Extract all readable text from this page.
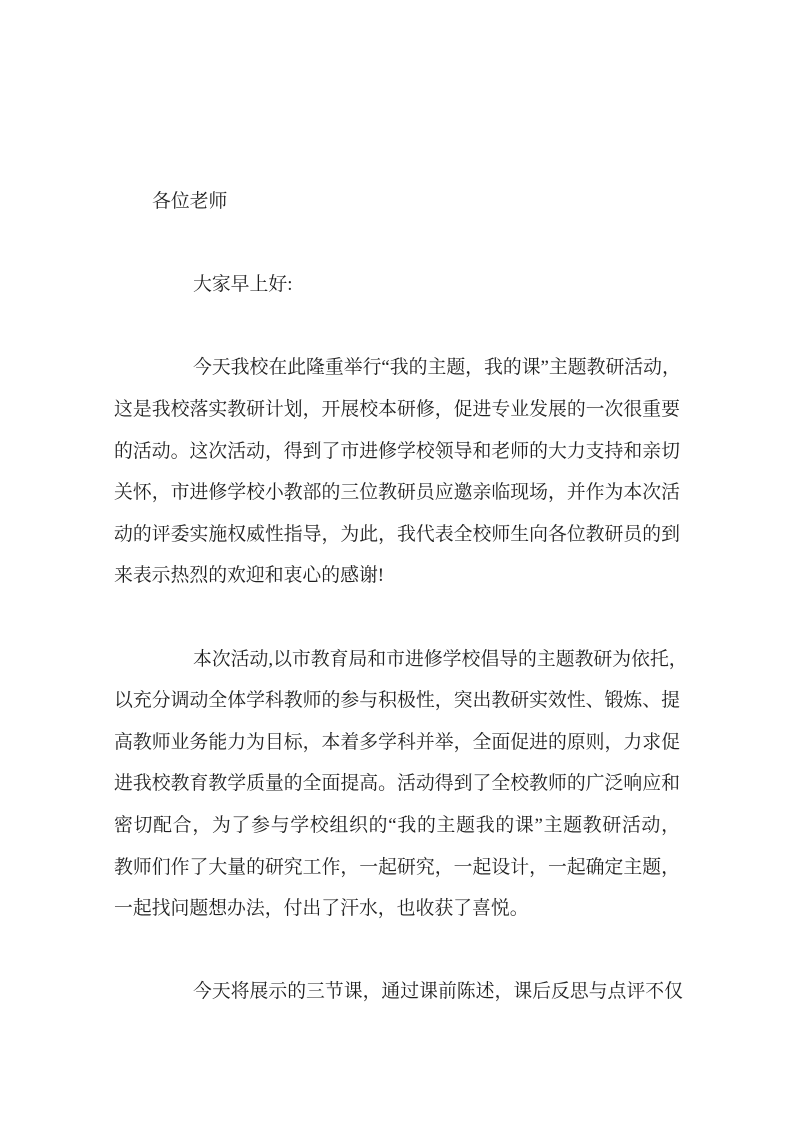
各位老师
大家早上好:
今天我校在此隆重举行“我的主题，我的课”主题教研活动，
这是我校落实教研计划，开展校本研修，促进专业发展的一次很重要
的活动。这次活动，得到了市进修学校领导和老师的大力支持和亲切
关怀，市进修学校小教部的三位教研员应邀亲临现场，并作为本次活
动的评委实施权威性指导，为此，我代表全校师生向各位教研员的到
来表示热烈的欢迎和衷心的感谢!
本次活动,以市教育局和市进修学校倡导的主题教研为依托，
以充分调动全体学科教师的参与积极性，突出教研实效性、锻炼、提
高教师业务能力为目标，本着多学科并举，全面促进的原则，力求促
进我校教育教学质量的全面提高。活动得到了全校教师的广泛响应和
密切配合，为了参与学校组织的“我的主题我的课”主题教研活动，
教师们作了大量的研究工作，一起研究，一起设计，一起确定主题，
一起找问题想办法，付出了汗水，也收获了喜悦。
今天将展示的三节课，通过课前陈述，课后反思与点评不仅
